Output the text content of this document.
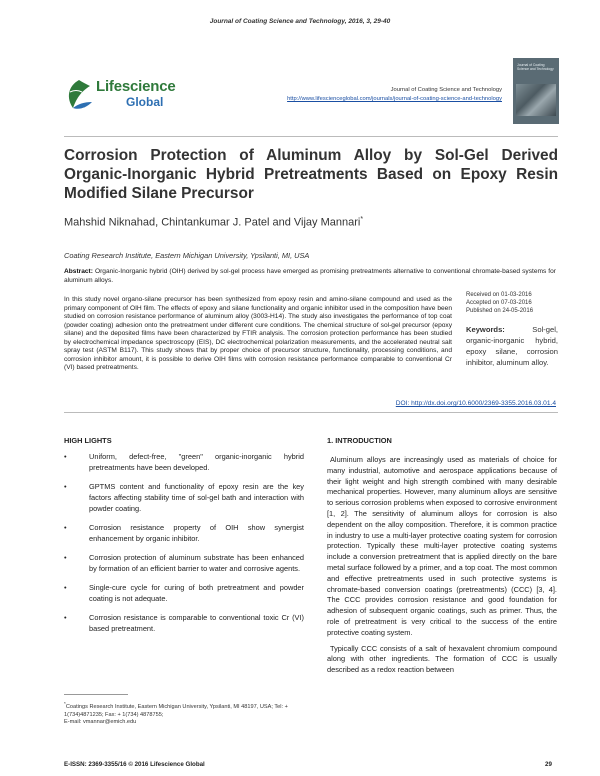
Journal of Coating Science and Technology, 2016, 3, 29-40
Lifescience
Global
Journal of Coating Science and Technology
http://www.lifescienceglobal.com/journals/journal-of-coating-science-and-technology
Journal of Coating Science and Technology
Corrosion Protection of Aluminum Alloy by Sol-Gel Derived Organic-Inorganic Hybrid Pretreatments Based on Epoxy Resin Modified Silane Precursor
Mahshid Niknahad, Chintankumar J. Patel and Vijay Mannari*
Coating Research Institute, Eastern Michigan University, Ypsilanti, MI, USA
Abstract: Organic-Inorganic hybrid (OIH) derived by sol-gel process have emerged as promising pretreatments alternative to conventional chromate-based systems for aluminum alloys.
In this study novel organo-silane precursor has been synthesized from epoxy resin and amino-silane compound and used as the primary component of OIH film. The effects of epoxy and silane functionality and organic inhibitor used in the composition have been studied on corrosion resistance performance of aluminum alloy (3003-H14). The study also investigates the performance of top coat (powder coating) adhesion onto the pretreatment under different cure conditions. The chemical structure of sol-gel precursor (epoxy silane) and the deposited films have been characterized by FTIR analysis. The corrosion protection performance has been studied by electrochemical impedance spectroscopy (EIS), DC electrochemical polarization measurements, and the accelerated neutral salt spray test (ASTM B117). This study shows that by proper choice of precursor structure, functionality, processing conditions, and corrosion inhibitor amount, it is possible to derive OIH films with corrosion resistance performance comparable to conventional Cr (VI) based pretreatments.
Received on 01-03-2016
Accepted on 07-03-2016
Published on 24-05-2016
Keywords: Sol-gel, organic-inorganic hybrid, epoxy silane, corrosion inhibitor, aluminum alloy.
DOI: http://dx.doi.org/10.6000/2369-3355.2016.03.01.4
HIGH LIGHTS
•	Uniform, defect-free, "green" organic-inorganic hybrid pretreatments have been developed.
•	GPTMS content and functionality of epoxy resin are the key factors affecting stability time of sol-gel bath and interaction with powder coating.
•	Corrosion resistance property of OIH show synergist enhancement by organic inhibitor.
•	Corrosion protection of aluminum substrate has been enhanced by formation of an efficient barrier to water and corrosive agents.
•	Single-cure cycle for curing of both pretreatment and powder coating is not adequate.
•	Corrosion resistance is comparable to conventional toxic Cr (VI) based pretreatment.
1. INTRODUCTION

Aluminum alloys are increasingly used as materials of choice for many industrial, automotive and aerospace applications because of their light weight and high strength combined with many desirable mechanical properties. However, many aluminum alloys are sensitive to serious corrosion problems when exposed to corrosive environment [1, 2]. The sensitivity of aluminum alloys for corrosion is also dependent on the alloy composition. Therefore, it is common practice in industry to use a multi-layer protective coating system for corrosion protection. Typically these multi-layer protective coating systems include a conversion pretreatment that is applied directly on the bare metal surface followed by a primer, and a top coat. The most common and effective pretreatments used in such protective systems is chromate-based conversion coatings (pretreatments) (CCC) [3, 4]. The CCC provides corrosion resistance and good foundation for adhesion of subsequent organic coatings, such as primer. Thus, the role of pretreatment is very critical to the success of the entire protective coating system.

Typically CCC consists of a salt of hexavalent chromium compound along with other ingredients. The formation of CCC is usually described as a redox reaction between

*Coatings Research Institute, Eastern Michigan University, Ypsilanti, MI 48197, USA; Tel: + 1(734)4871235; Fax: + 1(734) 4878755;
E-mail: vmannar@emich.edu
E-ISSN: 2369-3355/16 © 2016 Lifescience Global	29
